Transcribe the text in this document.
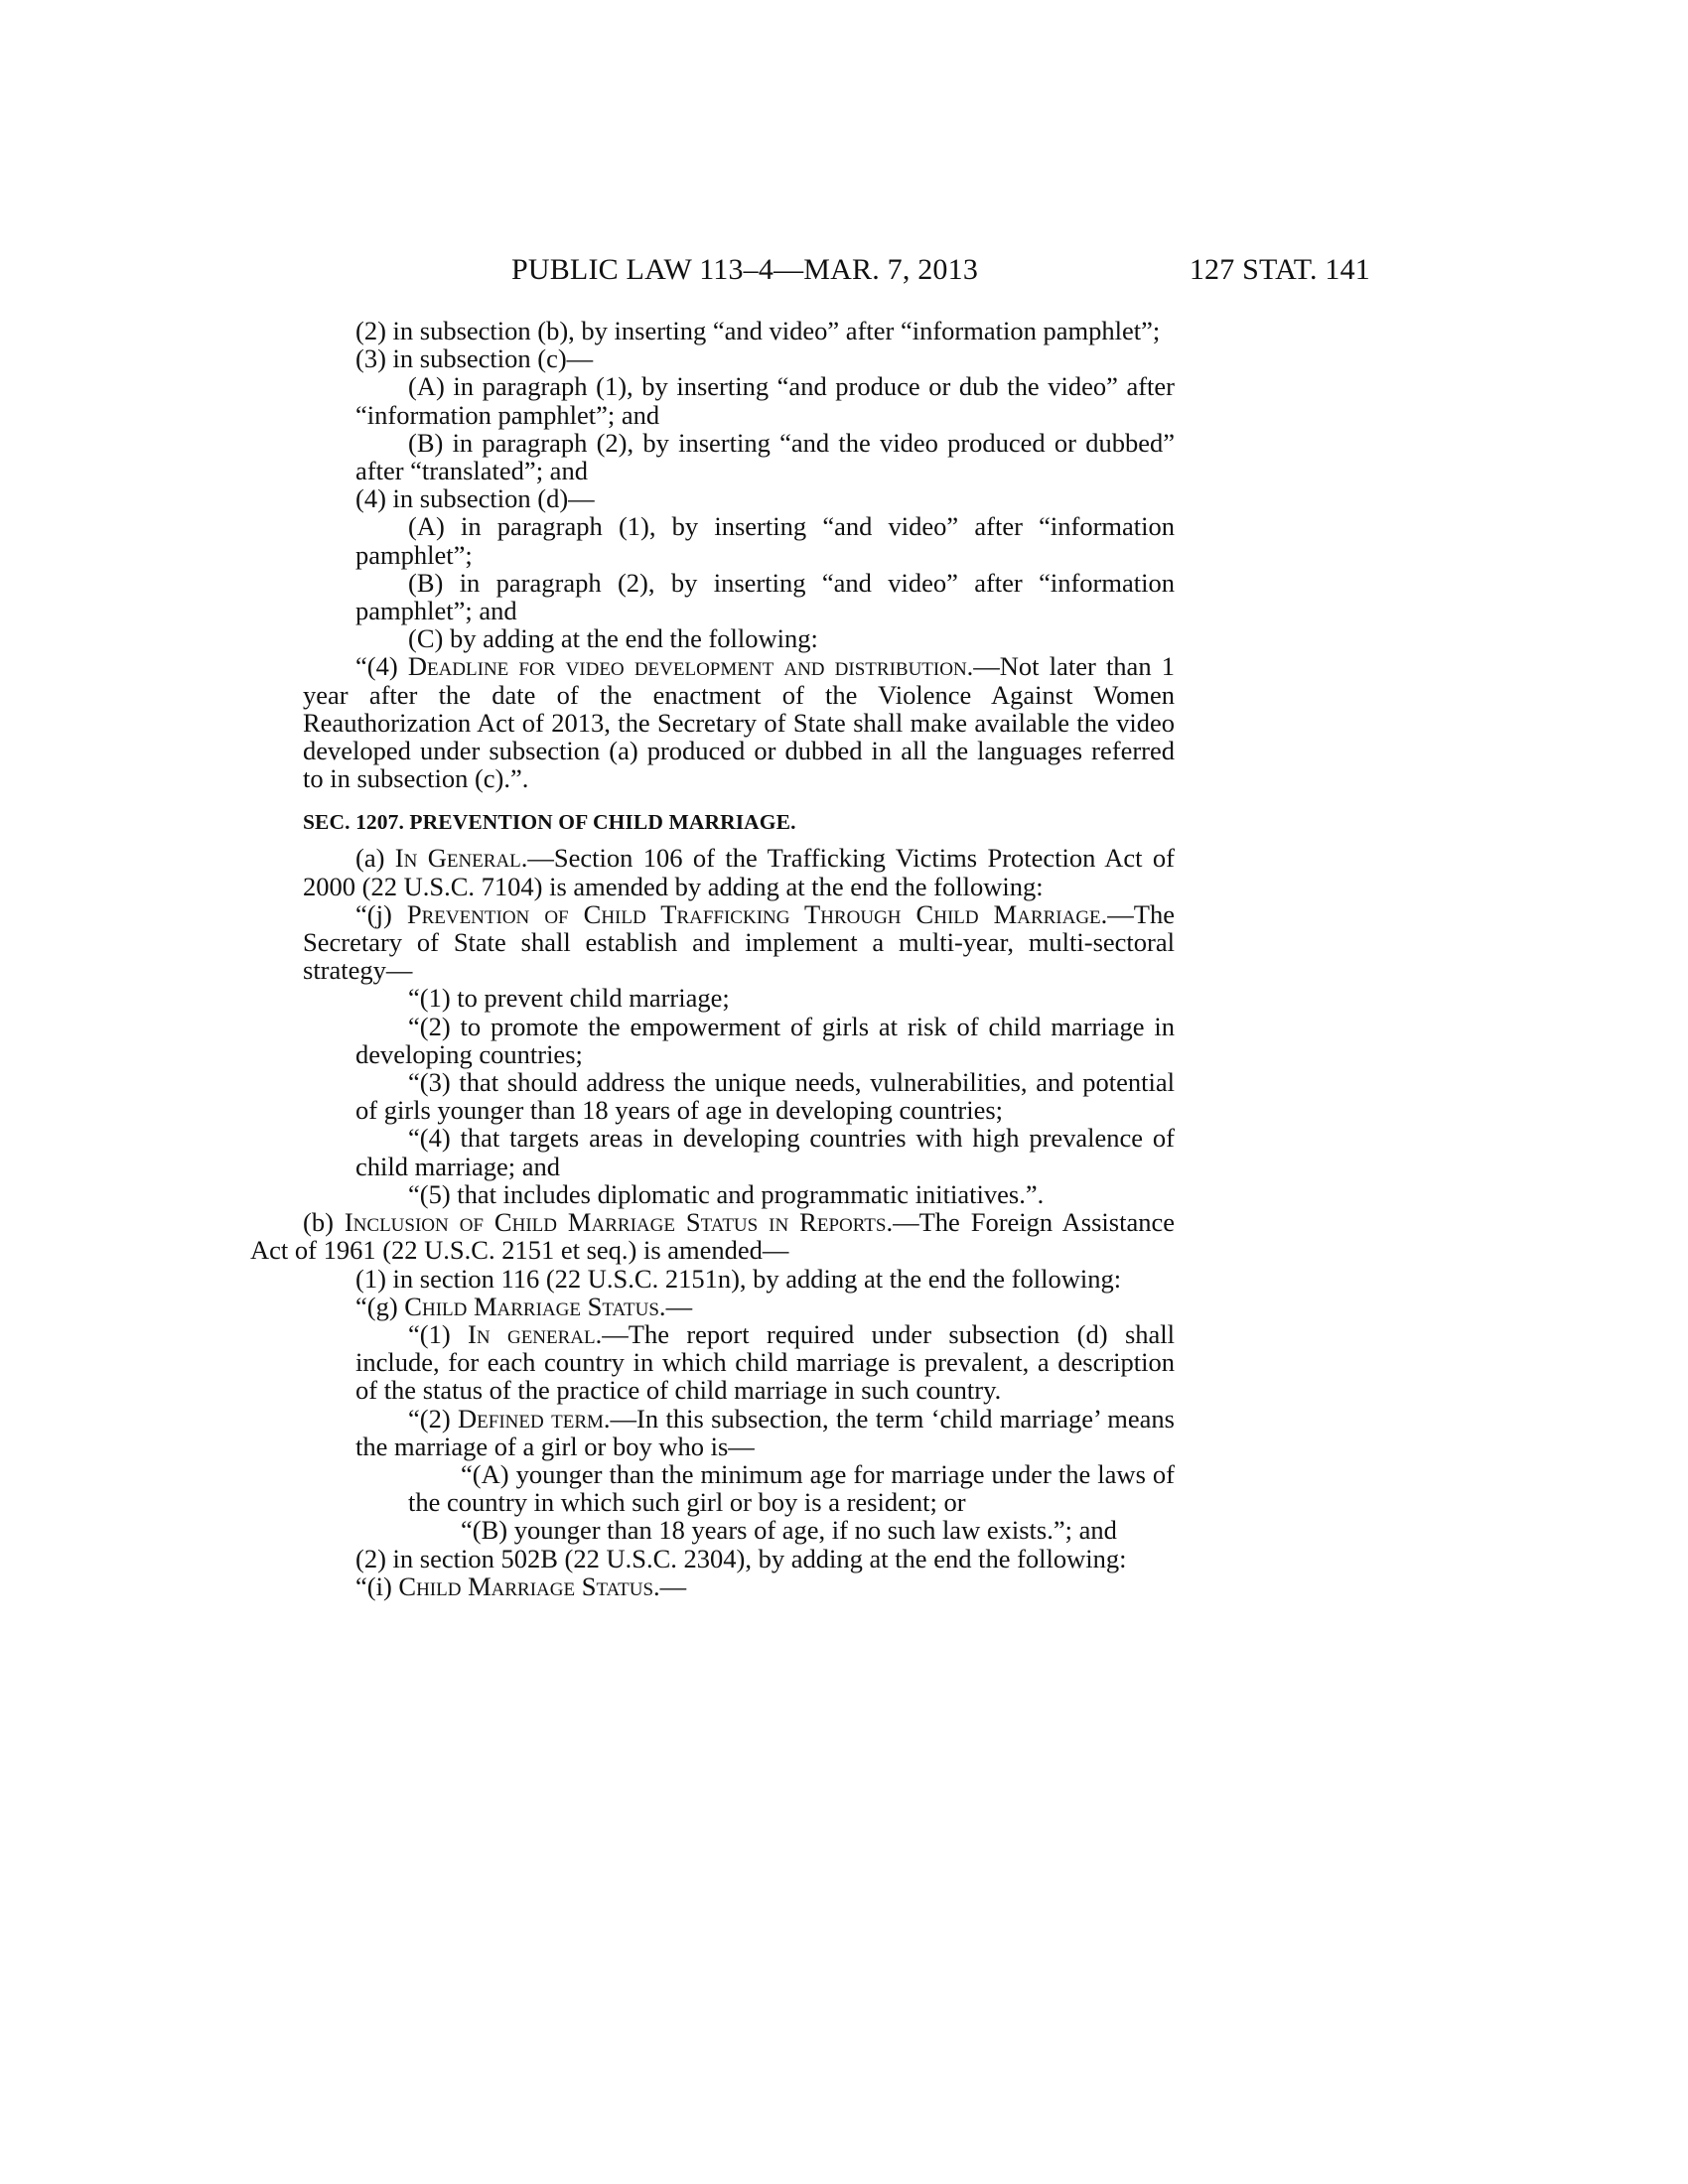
PUBLIC LAW 113–4—MAR. 7, 2013	127 STAT. 141

(2) in subsection (b), by inserting “and video” after “information pamphlet”;

(3) in subsection (c)—

(A) in paragraph (1), by inserting “and produce or dub the video” after “information pamphlet”; and

(B) in paragraph (2), by inserting “and the video produced or dubbed” after “translated”; and

(4) in subsection (d)—

(A) in paragraph (1), by inserting “and video” after “information pamphlet”;

(B) in paragraph (2), by inserting “and video” after “information pamphlet”; and

(C) by adding at the end the following:

“(4) Deadline for video development and distribution.—Not later than 1 year after the date of the enactment of the Violence Against Women Reauthorization Act of 2013, the Secretary of State shall make available the video developed under subsection (a) produced or dubbed in all the languages referred to in subsection (c).”.

SEC. 1207. PREVENTION OF CHILD MARRIAGE.

(a) In General.—Section 106 of the Trafficking Victims Protection Act of 2000 (22 U.S.C. 7104) is amended by adding at the end the following:

“(j) Prevention of Child Trafficking Through Child Marriage.—The Secretary of State shall establish and implement a multi-year, multi-sectoral strategy—

“(1) to prevent child marriage;

“(2) to promote the empowerment of girls at risk of child marriage in developing countries;

“(3) that should address the unique needs, vulnerabilities, and potential of girls younger than 18 years of age in developing countries;

“(4) that targets areas in developing countries with high prevalence of child marriage; and

“(5) that includes diplomatic and programmatic initiatives.”.

(b) Inclusion of Child Marriage Status in Reports.—The Foreign Assistance Act of 1961 (22 U.S.C. 2151 et seq.) is amended—

(1) in section 116 (22 U.S.C. 2151n), by adding at the end the following:

“(g) Child Marriage Status.—

“(1) In general.—The report required under subsection (d) shall include, for each country in which child marriage is prevalent, a description of the status of the practice of child marriage in such country.

“(2) Defined term.—In this subsection, the term ‘child marriage’ means the marriage of a girl or boy who is—

“(A) younger than the minimum age for marriage under the laws of the country in which such girl or boy is a resident; or

“(B) younger than 18 years of age, if no such law exists.”; and

(2) in section 502B (22 U.S.C. 2304), by adding at the end the following:

“(i) Child Marriage Status.—
